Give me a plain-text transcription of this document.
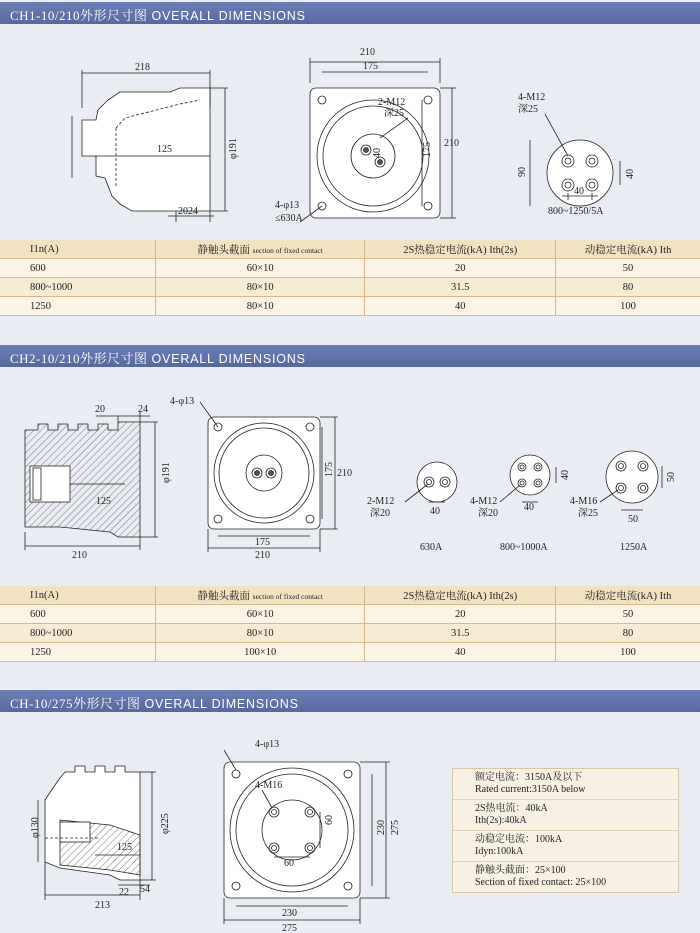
CH1-10/210外形尺寸图 OVERALL DIMENSIONS
218
φ191
125
20 24
210
175
175 210
2-M12
深25
40
4-φ13
≤630A
4-M12
深25
90	40
40
800~1250/5A
I1n(A)	静触头截面 section of fixed contact	2S热稳定电流(kA) Ith(2s)	动稳定电流(kA) Ith
600	60×10	20	50
800~1000	80×10	31.5	80
1250	80×10	40	100
CH2-10/210外形尺寸图 OVERALL DIMENSIONS
20	24
φ191
125
210
4-φ13
175 210
175
210
2-M12
深20	40
630A
4-M12
深20
40
40
800~1000A
4-M16
深25
50
50
1250A
I1n(A)	静触头截面 section of fixed contact	2S热稳定电流(kA) Ith(2s)	动稳定电流(kA) Ith
600	60×10	20	50
800~1000	80×10	31.5	80
1250	100×10	40	100
CH-10/275外形尺寸图 OVERALL DIMENSIONS
φ130	φ225
125
22 54
213
4-φ13
4-M16
60
60
230 275
230
275
额定电流：3150A及以下
Rated current:3150A below
2S热电流：40kA
Ith(2s):40kA
动稳定电流：100kA
Idyn:100kA
静触头截面：25×100
Section of fixed contact: 25×100
